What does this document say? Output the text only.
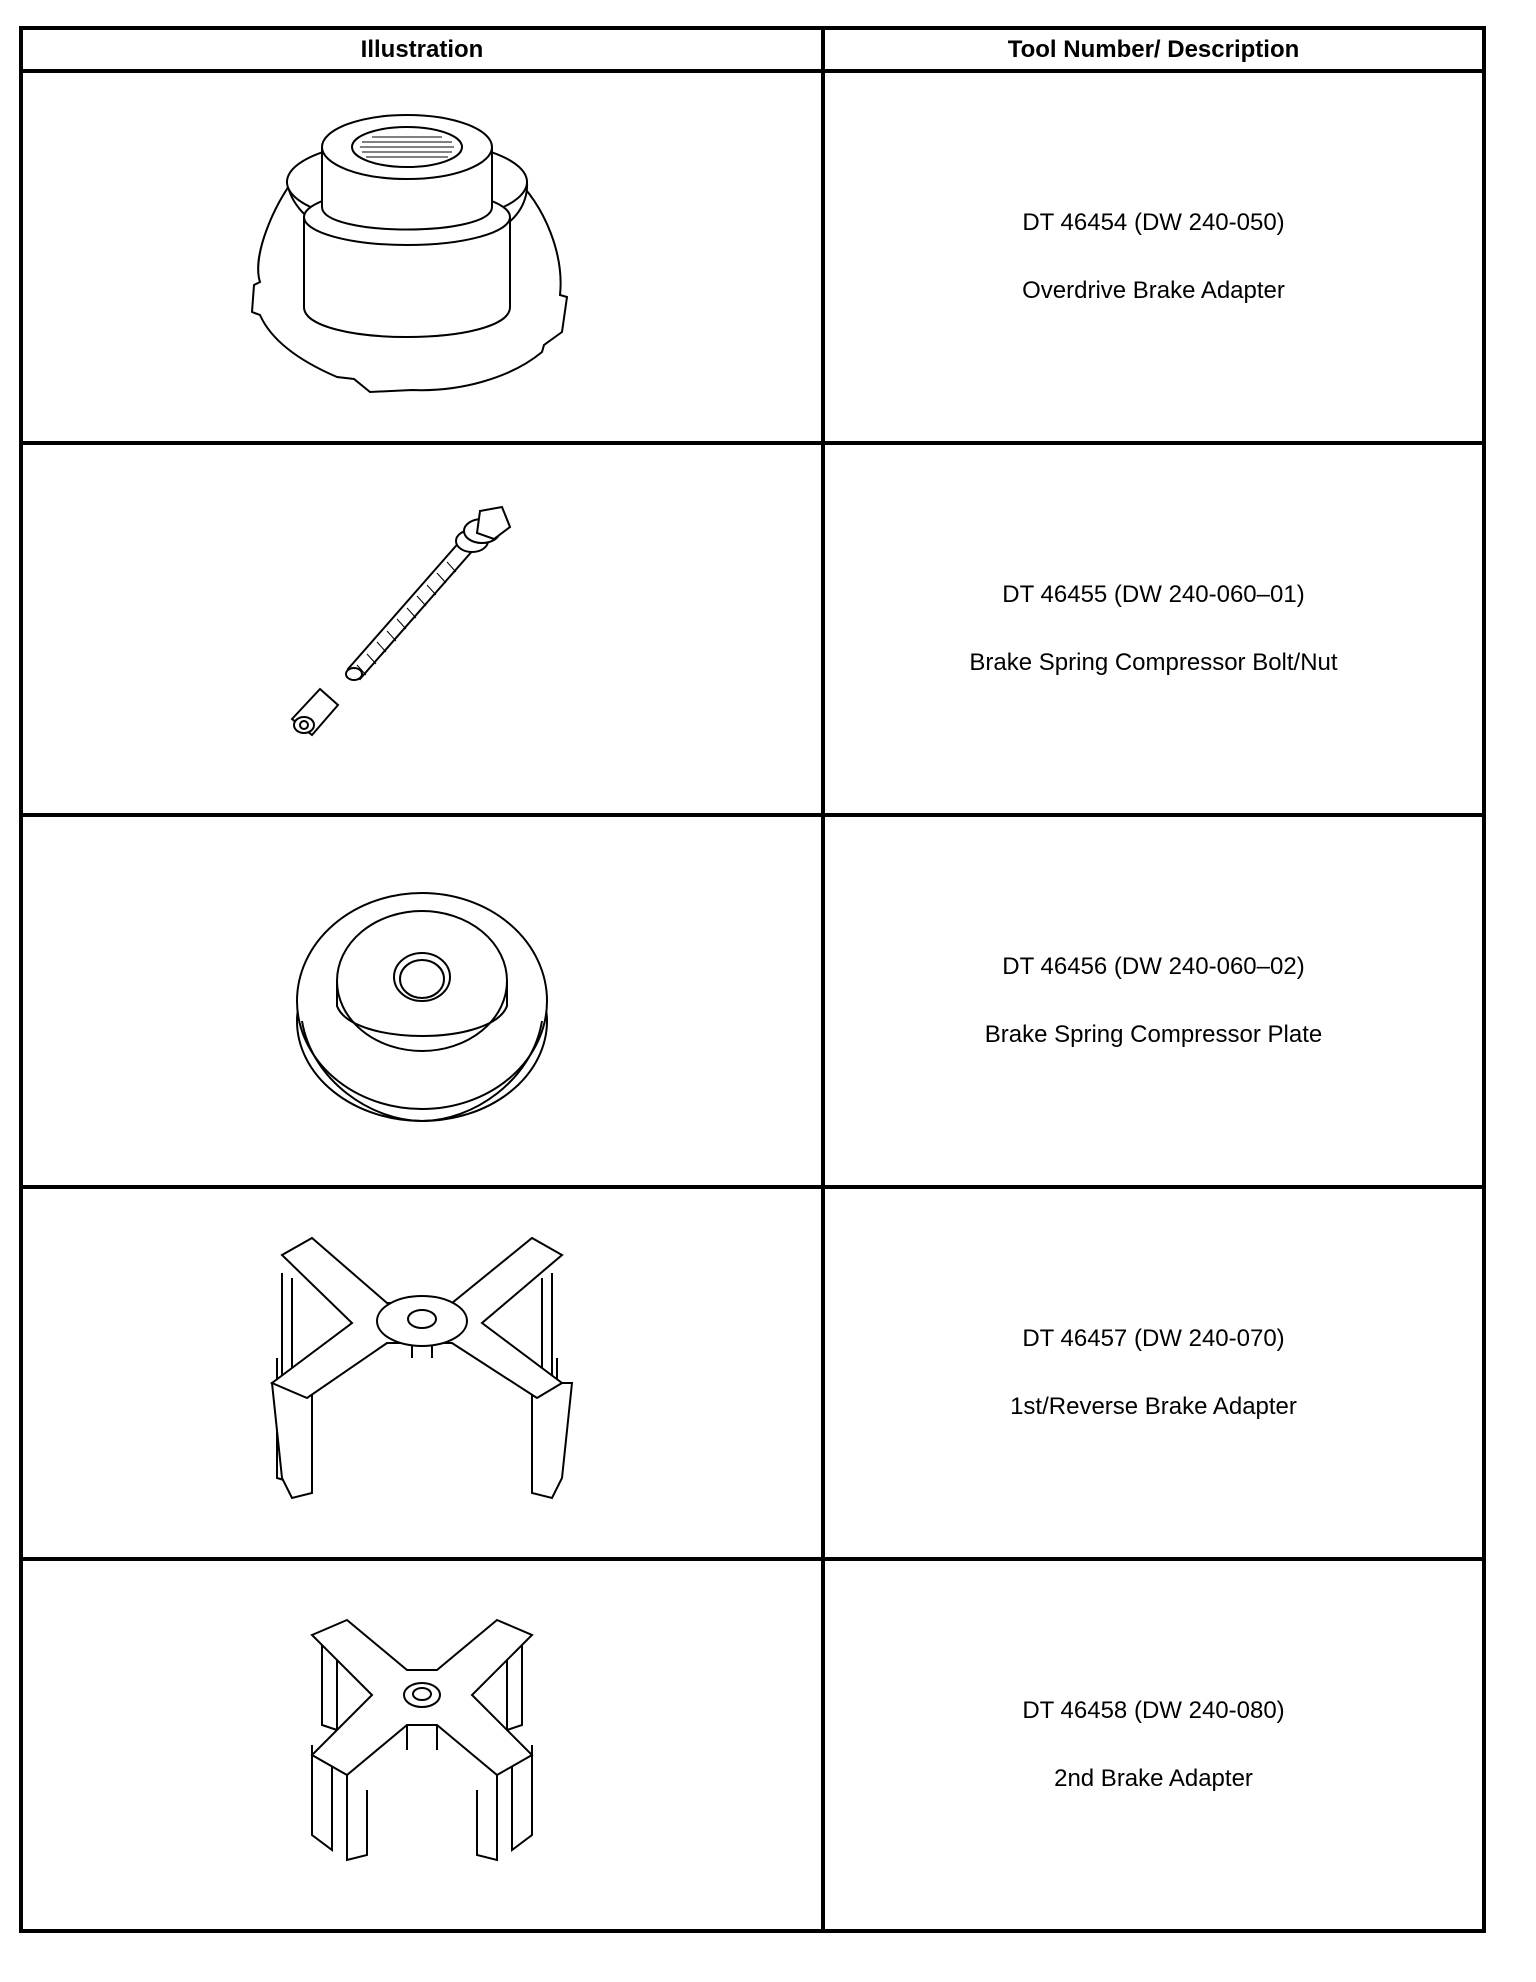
Illustration	Tool Number/ Description

DT 46454 (DW 240-050)
Overdrive Brake Adapter

DT 46455 (DW 240-060–01)
Brake Spring Compressor Bolt/Nut

DT 46456 (DW 240-060–02)
Brake Spring Compressor Plate

DT 46457 (DW 240-070)
1st/Reverse Brake Adapter

DT 46458 (DW 240-080)
2nd Brake Adapter
